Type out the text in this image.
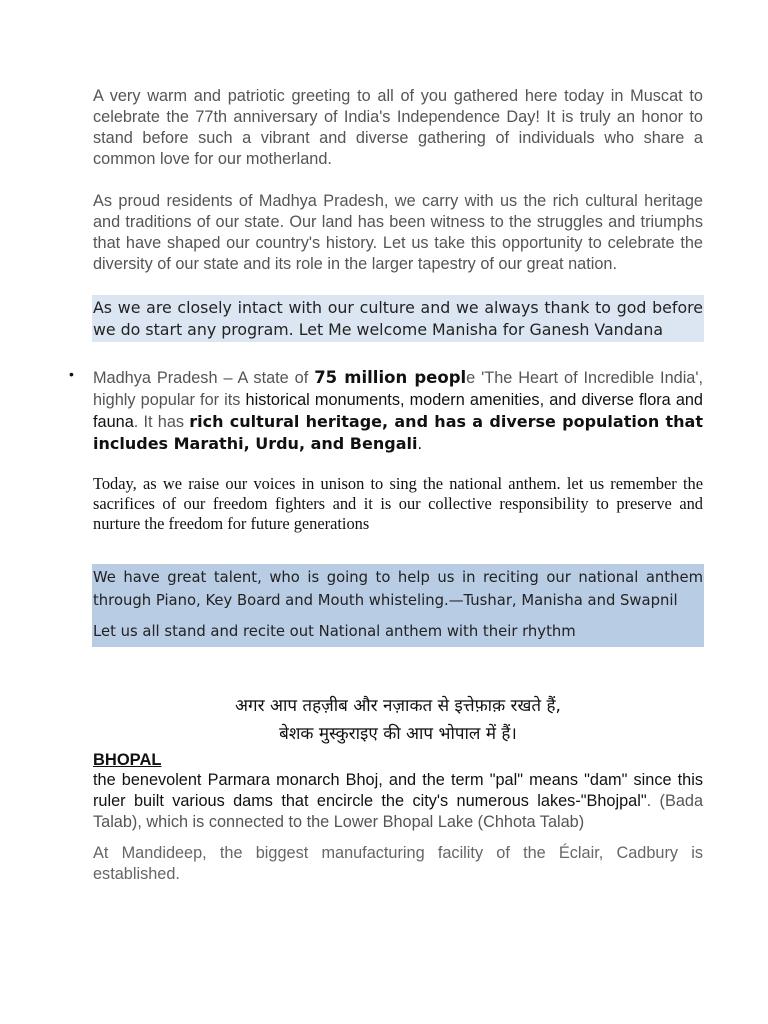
A very warm and patriotic greeting to all of you gathered here today in Muscat to celebrate the 77th anniversary of India's Independence Day! It is truly an honor to stand before such a vibrant and diverse gathering of individuals who share a common love for our motherland.

As proud residents of Madhya Pradesh, we carry with us the rich cultural heritage and traditions of our state. Our land has been witness to the struggles and triumphs that have shaped our country's history. Let us take this opportunity to celebrate the diversity of our state and its role in the larger tapestry of our great nation.

As we are closely intact with our culture and we always thank to god before we do start any program. Let Me welcome Manisha for Ganesh Vandana

• Madhya Pradesh – A state of 75 million people 'The Heart of Incredible India', highly popular for its historical monuments, modern amenities, and diverse flora and fauna. It has rich cultural heritage, and has a diverse population that includes Marathi, Urdu, and Bengali.

Today, as we raise our voices in unison to sing the national anthem. let us remember the sacrifices of our freedom fighters and it is our collective responsibility to preserve and nurture the freedom for future generations

We have great talent, who is going to help us in reciting our national anthem through Piano, Key Board and Mouth whisteling.—Tushar, Manisha and Swapnil

Let us all stand and recite out National anthem with their rhythm

अगर आप तहज़ीब और नज़ाकत से इत्तेफ़ाक़ रखते हैं,
बेशक मुस्कुराइए की आप भोपाल में हैं।
BHOPAL

the benevolent Parmara monarch Bhoj, and the term "pal" means "dam" since this ruler built various dams that encircle the city's numerous lakes-"Bhojpal". (Bada Talab), which is connected to the Lower Bhopal Lake (Chhota Talab)

At Mandideep, the biggest manufacturing facility of the Éclair, Cadbury is established.
